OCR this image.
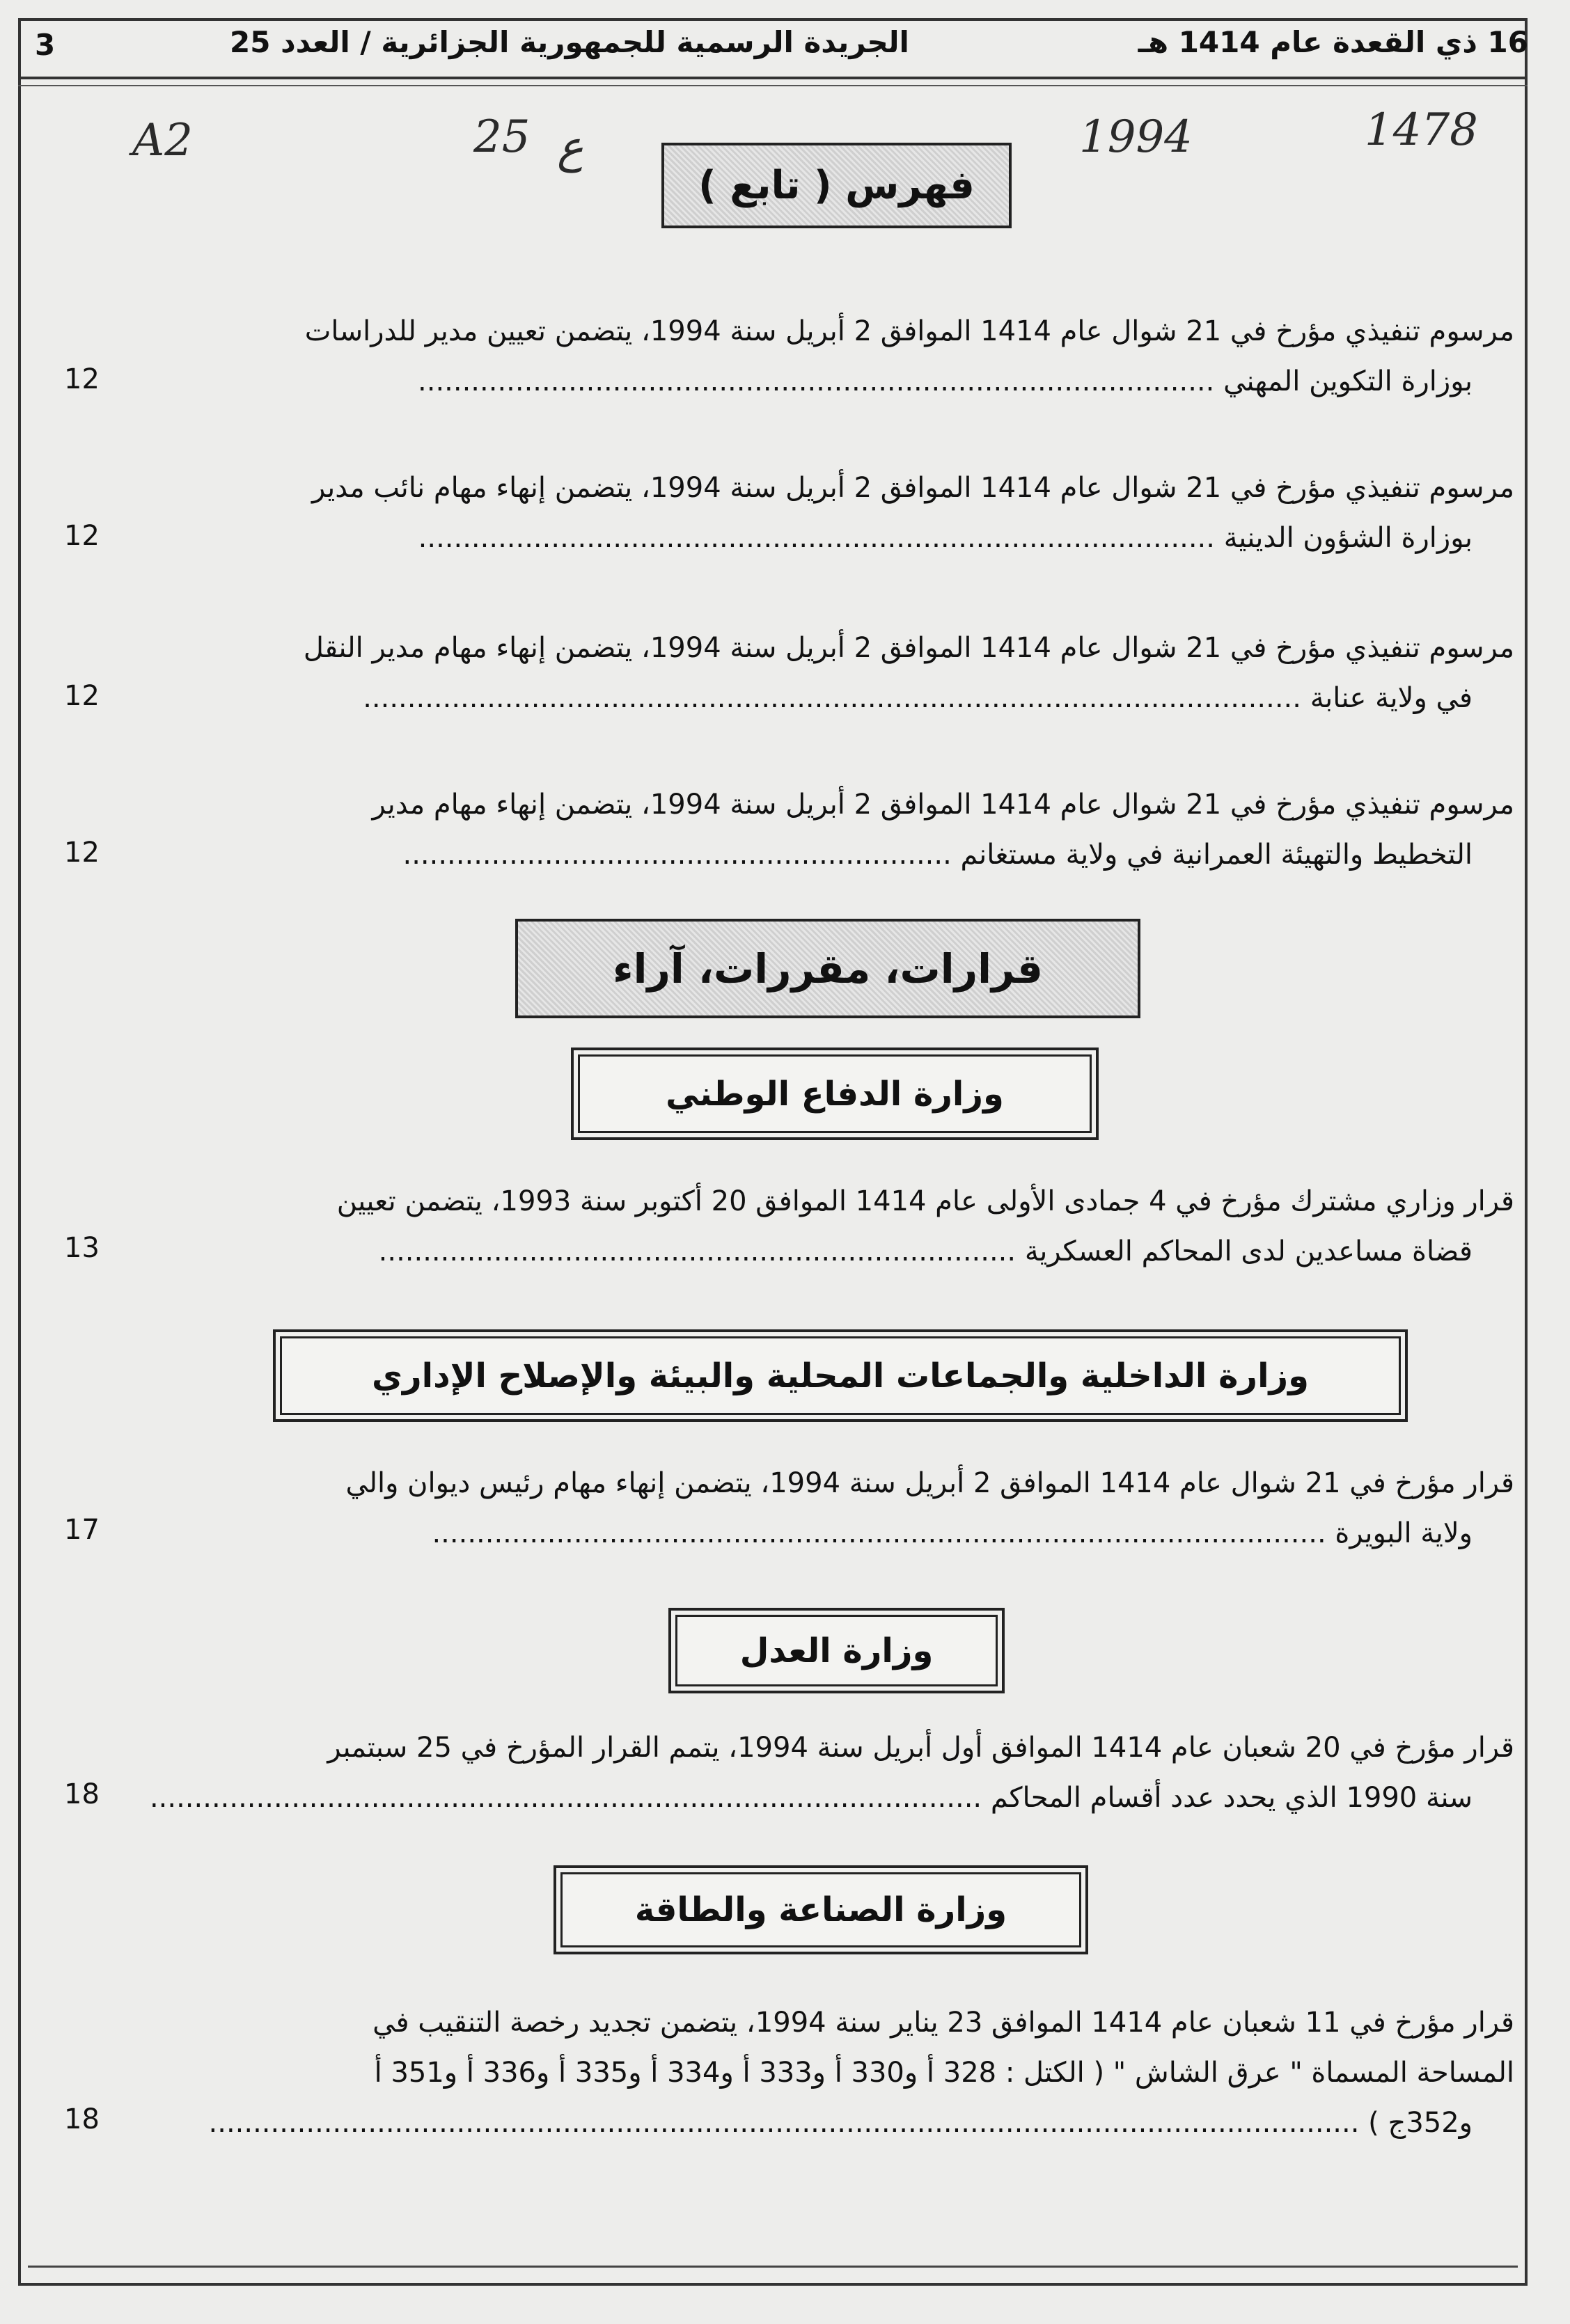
3	الجريدة الرسمية للجمهورية الجزائرية / العدد 25	16 ذي القعدة عام 1414 هـ
A2	25 ع	1994	1478
فهرس ( تابع )
مرسوم تنفيذي مؤرخ في 21 شوال عام 1414 الموافق 2 أبريل سنة 1994، يتضمن تعيين مدير للدراسات
بوزارة التكوين المهني ..........................................................................................
12
مرسوم تنفيذي مؤرخ في 21 شوال عام 1414 الموافق 2 أبريل سنة 1994، يتضمن إنهاء مهام نائب مدير
بوزارة الشؤون الدينية ..........................................................................................
12
مرسوم تنفيذي مؤرخ في 21 شوال عام 1414 الموافق 2 أبريل سنة 1994، يتضمن إنهاء مهام مدير النقل
في ولاية عنابة ..........................................................................................................
12
مرسوم تنفيذي مؤرخ في 21 شوال عام 1414 الموافق 2 أبريل سنة 1994، يتضمن إنهاء مهام مدير
التخطيط والتهيئة العمرانية في ولاية مستغانم ..............................................................
12
قرارات، مقررات، آراء
وزارة الدفاع الوطني
قرار وزاري مشترك مؤرخ في 4 جمادى الأولى عام 1414 الموافق 20 أكتوبر سنة 1993، يتضمن تعيين
قضاة مساعدين لدى المحاكم العسكرية ........................................................................
13
وزارة الداخلية والجماعات المحلية والبيئة والإصلاح الإداري
قرار مؤرخ في 21 شوال عام 1414 الموافق 2 أبريل سنة 1994، يتضمن إنهاء مهام رئيس ديوان والي
ولاية البويرة .....................................................................................................
17
وزارة العدل
قرار مؤرخ في 20 شعبان عام 1414 الموافق أول أبريل سنة 1994، يتمم القرار المؤرخ في 25 سبتمبر
سنة 1990 الذي يحدد عدد أقسام المحاكم ..............................................................................................
18
وزارة الصناعة والطاقة
قرار مؤرخ في 11 شعبان عام 1414 الموافق 23 يناير سنة 1994، يتضمن تجديد رخصة التنقيب في
المساحة المسماة " عرق الشاش " ( الكتل : 328 أ و330 أ و333 أ و334 أ و335 أ و336 أ و351 أ
و352ج ) ..................................................................................................................................
18
